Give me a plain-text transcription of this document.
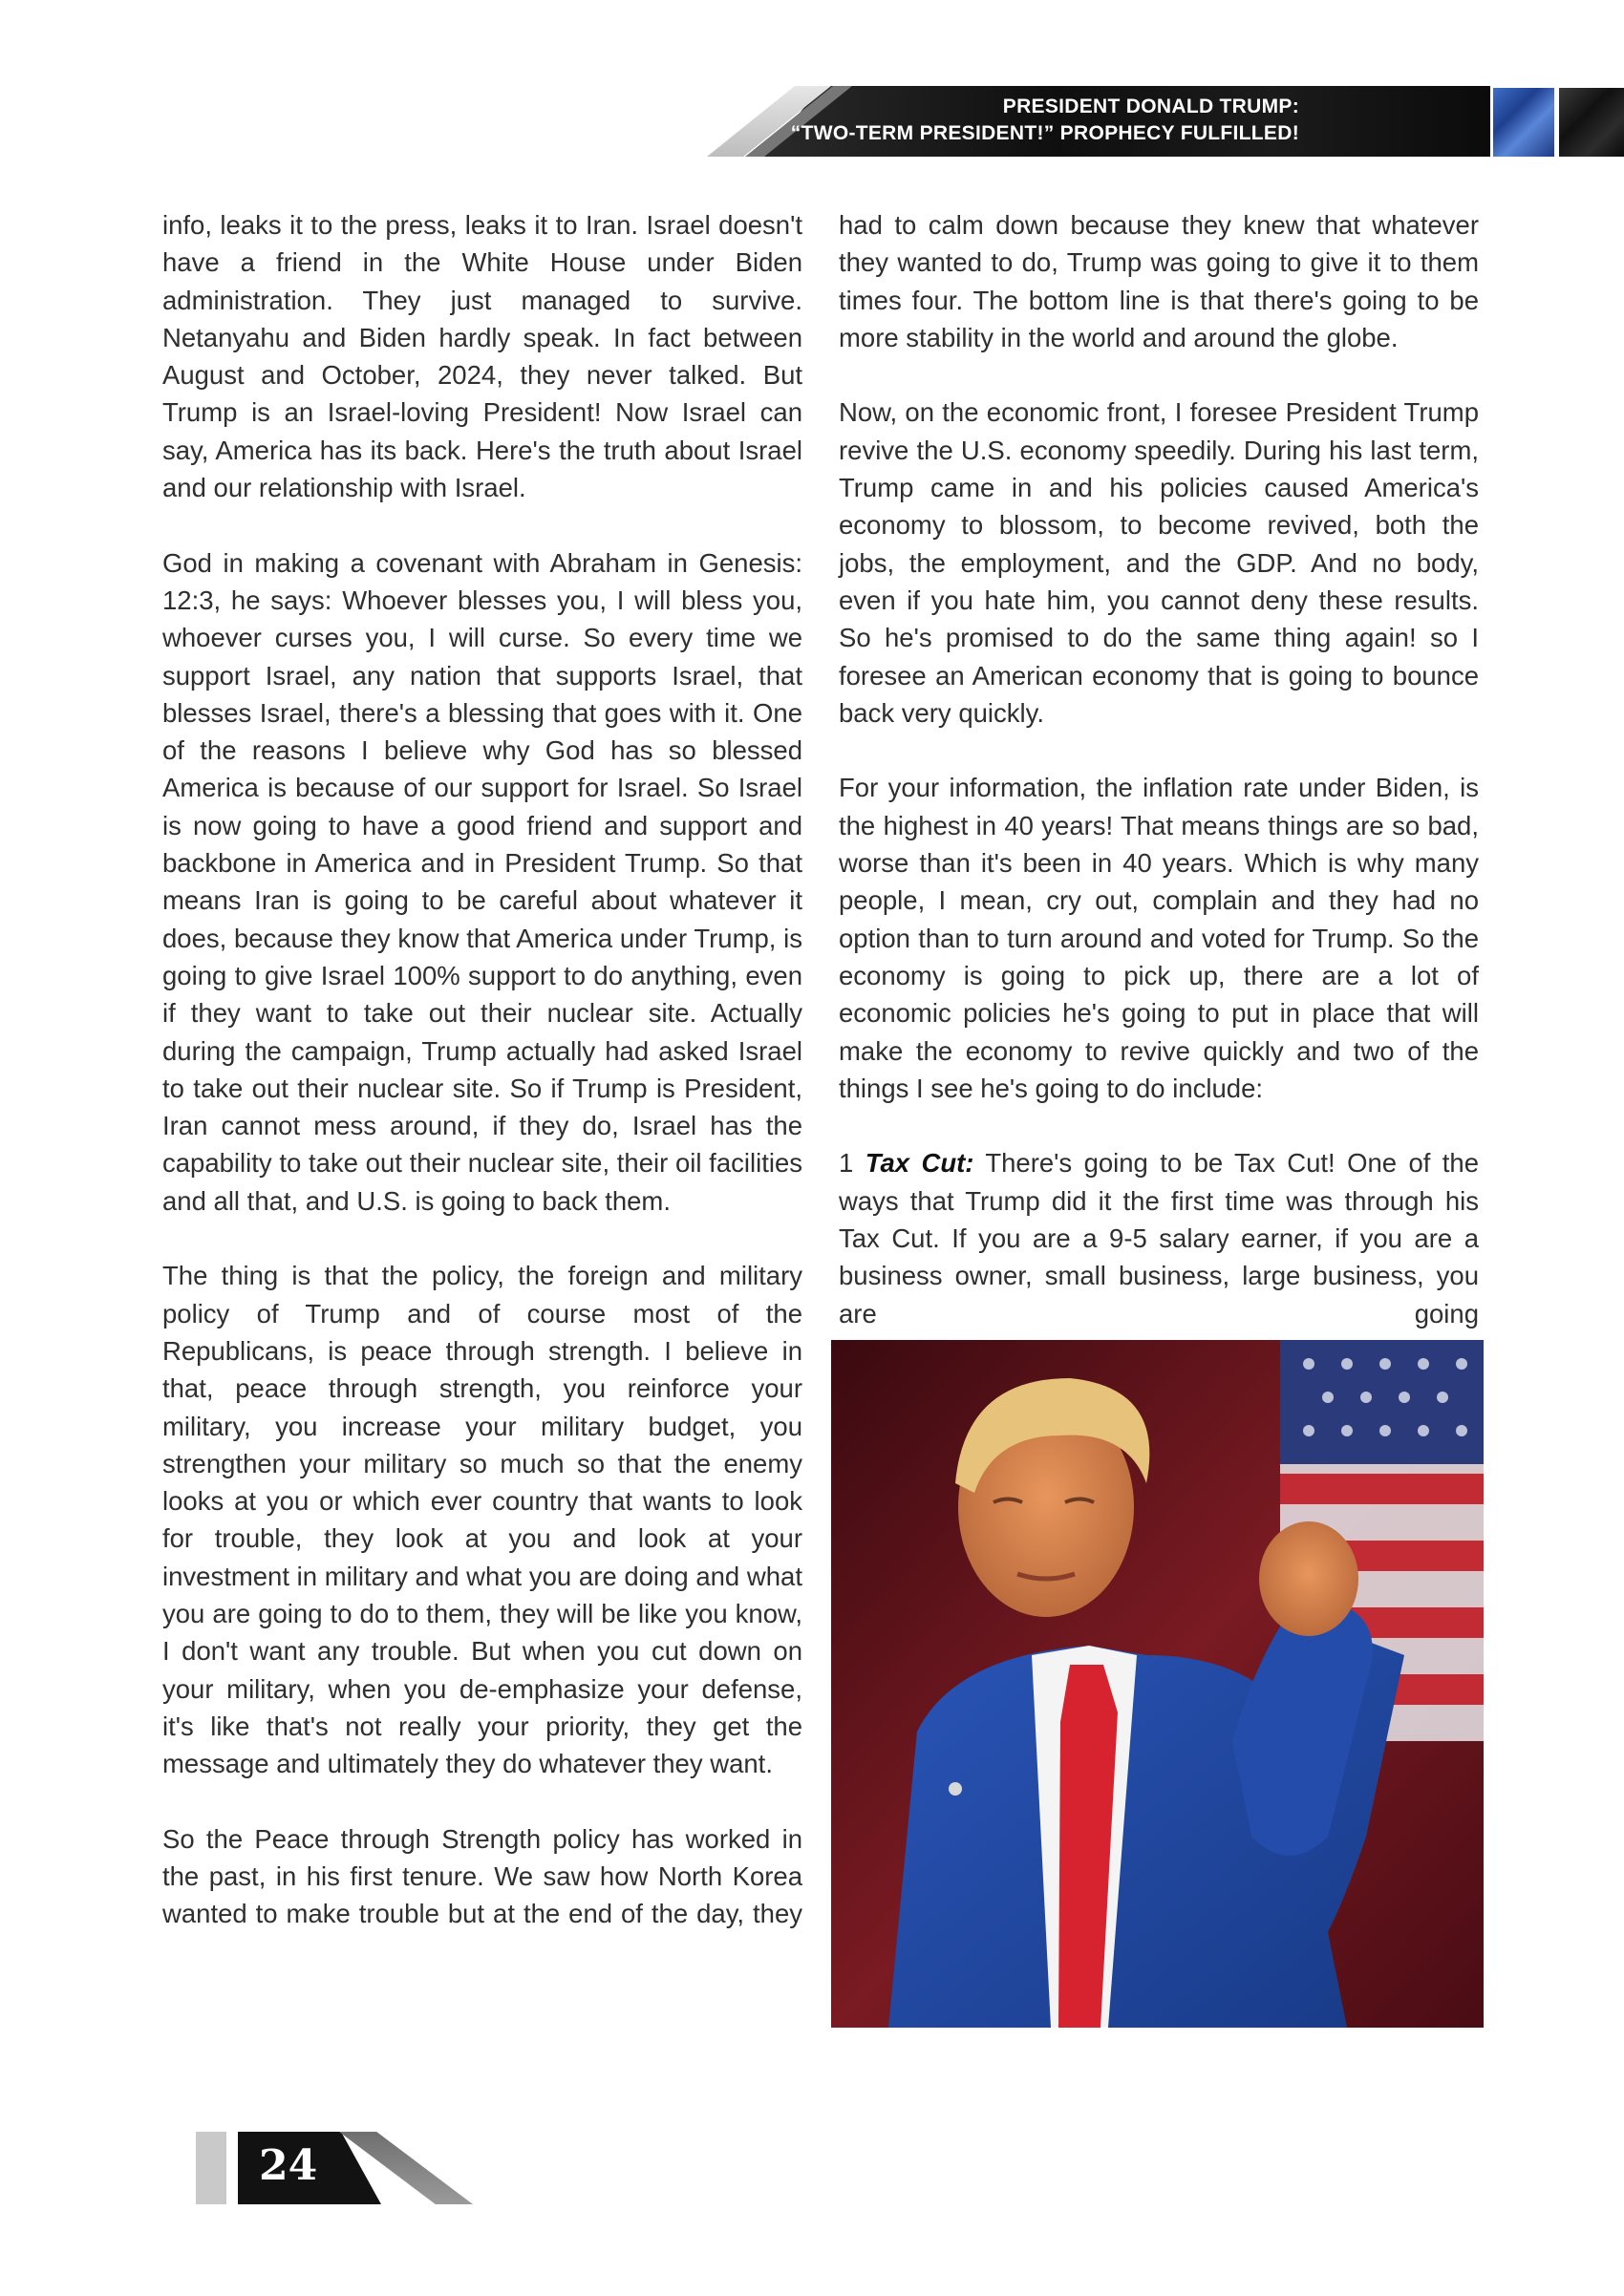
PRESIDENT DONALD TRUMP:
“TWO-TERM PRESIDENT!” PROPHECY FULFILLED!

info, leaks it to the press, leaks it to Iran. Israel doesn't have a friend in the White House under Biden administration. They just managed to survive. Netanyahu and Biden hardly speak. In fact between August and October, 2024, they never talked. But Trump is an Israel-loving President! Now Israel can say, America has its back. Here's the truth about Israel and our relationship with Israel.

God in making a covenant with Abraham in Genesis: 12:3, he says: Whoever blesses you, I will bless you, whoever curses you, I will curse. So every time we support Israel, any nation that supports Israel, that blesses Israel, there's a blessing that goes with it. One of the reasons I believe why God has so blessed America is because of our support for Israel. So Israel is now going to have a good friend and support and backbone in America and in President Trump. So that means Iran is going to be careful about whatever it does, because they know that America under Trump, is going to give Israel 100% support to do anything, even if they want to take out their nuclear site. Actually during the campaign, Trump actually had asked Israel to take out their nuclear site. So if Trump is President, Iran cannot mess around, if they do, Israel has the capability to take out their nuclear site, their oil facilities and all that, and U.S. is going to back them.

The thing is that the policy, the foreign and military policy of Trump and of course most of the Republicans, is peace through strength. I believe in that, peace through strength, you reinforce your military, you increase your military budget, you strengthen your military so much so that the enemy looks at you or which ever country that wants to look for trouble, they look at you and look at your investment in military and what you are doing and what you are going to do to them, they will be like you know, I don't want any trouble. But when you cut down on your military, when you de-emphasize your defense, it's like that's not really your priority, they get the message and ultimately they do whatever they want.

So the Peace through Strength policy has worked in the past, in his first tenure. We saw how North Korea wanted to make trouble but at the end of the day, they

had to calm down because they knew that whatever they wanted to do, Trump was going to give it to them times four. The bottom line is that there's going to be more stability in the world and around the globe.

Now, on the economic front, I foresee President Trump revive the U.S. economy speedily. During his last term, Trump came in and his policies caused America's economy to blossom, to become revived, both the jobs, the employment, and the GDP. And no body, even if you hate him, you cannot deny these results. So he's promised to do the same thing again! so I foresee an American economy that is going to bounce back very quickly.

For your information, the inflation rate under Biden, is the highest in 40 years! That means things are so bad, worse than it's been in 40 years. Which is why many people, I mean, cry out, complain and they had no option than to turn around and voted for Trump. So the economy is going to pick up, there are a lot of economic policies he's going to put in place that will make the economy to revive quickly and two of the things I see he's going to do include:

1 Tax Cut: There's going to be Tax Cut! One of the ways that Trump did it the first time was through his Tax Cut. If you are a 9-5 salary earner, if you are a business owner, small business, large business, you are going

24
